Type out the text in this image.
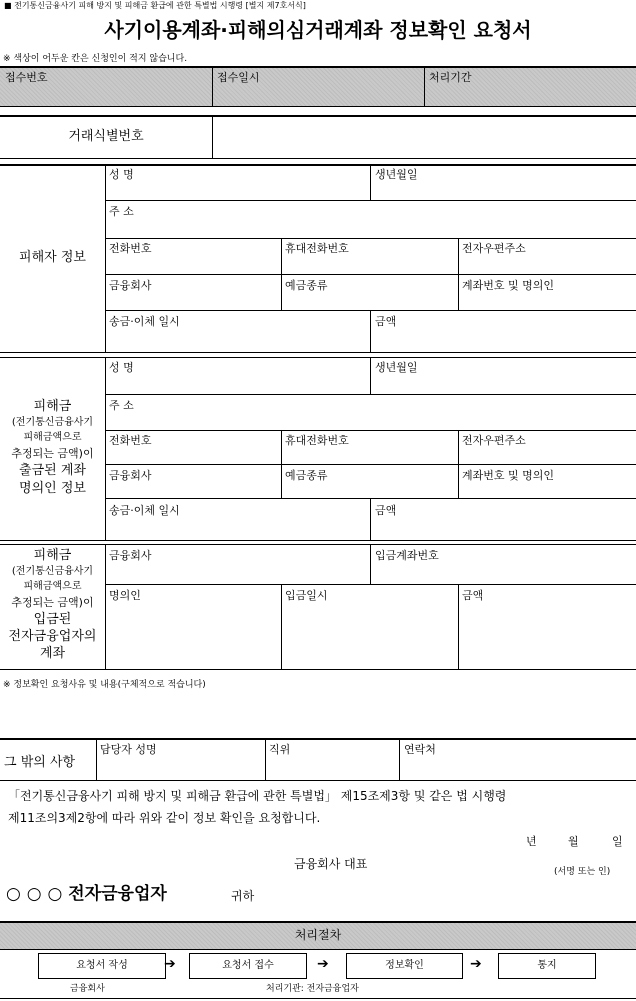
■ 전기통신금융사기 피해 방지 및 피해금 환급에 관한 특별법 시행령 [별지 제7호서식]
사기이용계좌·피해의심거래계좌 정보확인 요청서
※ 색상이 어두운 칸은 신청인이 적지 않습니다.
접수번호	접수일시	처리기간
거래식별번호
피해자 정보
성 명	생년월일
주 소
전화번호	휴대전화번호	전자우편주소
금융회사	예금종류	계좌번호 및 명의인
송금·이체 일시	금액
피해금
(전기통신금융사기
피해금액으로
추정되는 금액)이
출금된 계좌
명의인 정보
성 명	생년월일
주 소
전화번호	휴대전화번호	전자우편주소
금융회사	예금종류	계좌번호 및 명의인
송금·이체 일시	금액
피해금
(전기통신금융사기
피해금액으로
추정되는 금액)이
입금된
전자금융업자의
계좌
금융회사	입금계좌번호
명의인	입금일시	금액
※ 정보확인 요청사유 및 내용(구체적으로 적습니다)
그 밖의 사항
담당자 성명	직위	연락처
「전기통신금융사기 피해 방지 및 피해금 환급에 관한 특별법」 제15조제3항 및 같은 법 시행령
제11조의3제2항에 따라 위와 같이 정보 확인을 요청합니다.
년	월	일
금융회사 대표
(서명 또는 인)
○ ○ ○ 전자금융업자	귀하
처리절차
요청서 작성	➔	요청서 접수	➔	정보확인	➔	통지
금융회사	처리기관: 전자금융업자
